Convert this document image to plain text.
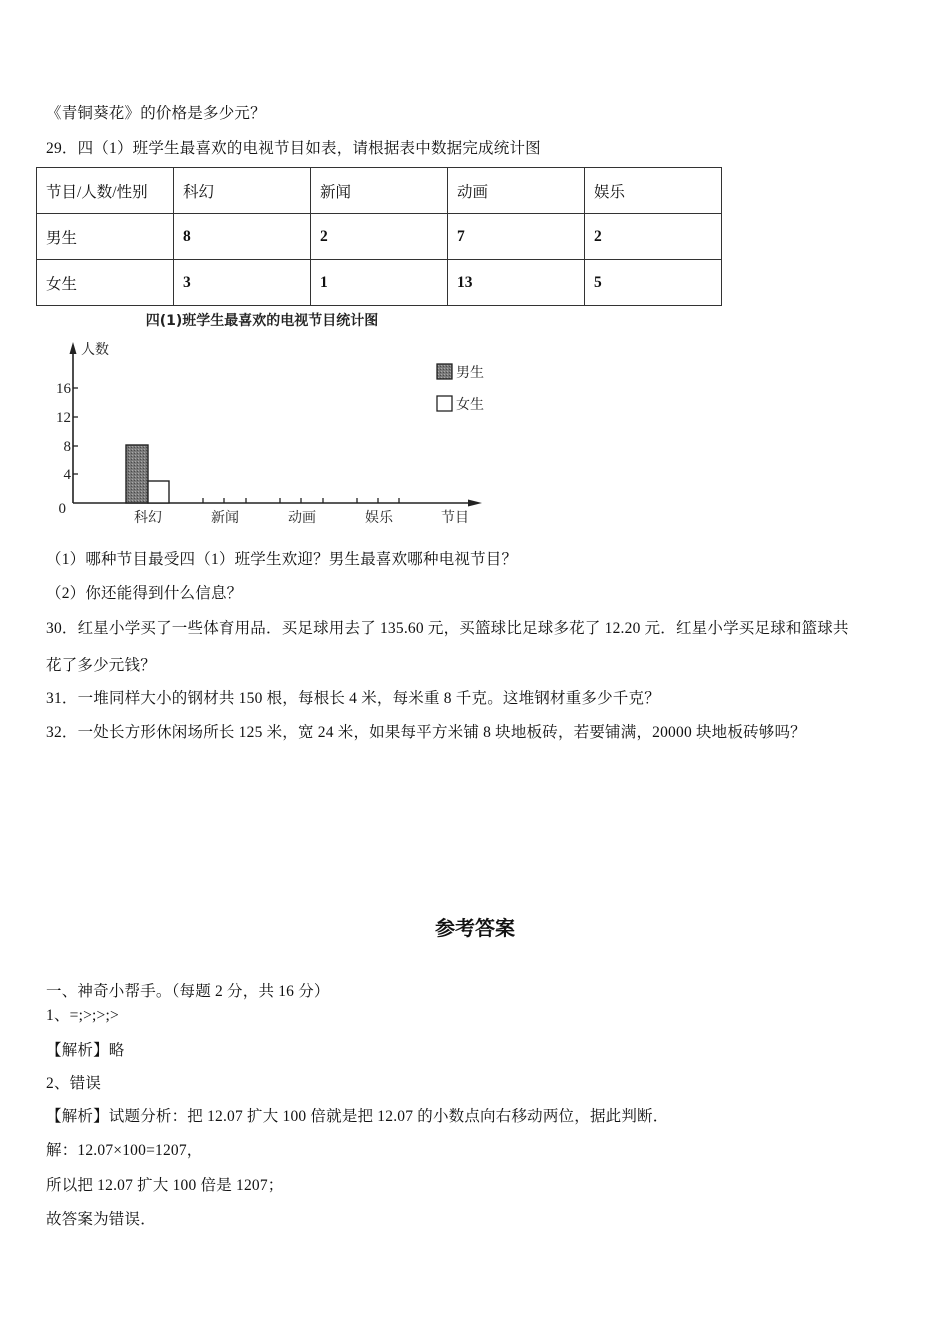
《青铜葵花》的价格是多少元？
29．四（1）班学生最喜欢的电视节目如表，请根据表中数据完成统计图
节目/人数/性别	科幻	新闻	动画	娱乐
男生	8	2	7	2
女生	3	1	13	5
四(1)班学生最喜欢的电视节目统计图
人数
16
12
8
4
0
科幻	新闻	动画	娱乐	节目
男生
女生
（1）哪种节目最受四（1）班学生欢迎？男生最喜欢哪种电视节目？
（2）你还能得到什么信息？
30．红星小学买了一些体育用品．买足球用去了 135.60 元，买篮球比足球多花了 12.20 元．红星小学买足球和篮球共
花了多少元钱？
31．一堆同样大小的钢材共 150 根，每根长 4 米，每米重 8 千克。这堆钢材重多少千克？
32．一处长方形休闲场所长 125 米，宽 24 米，如果每平方米铺 8 块地板砖，若要铺满，20000 块地板砖够吗？
参考答案
一、神奇小帮手。（每题 2 分，共 16 分）
1、=;>;>;>
【解析】略
2、错误
【解析】试题分析：把 12.07 扩大 100 倍就是把 12.07 的小数点向右移动两位，据此判断．
解：12.07×100=1207，
所以把 12.07 扩大 100 倍是 1207；
故答案为错误．
